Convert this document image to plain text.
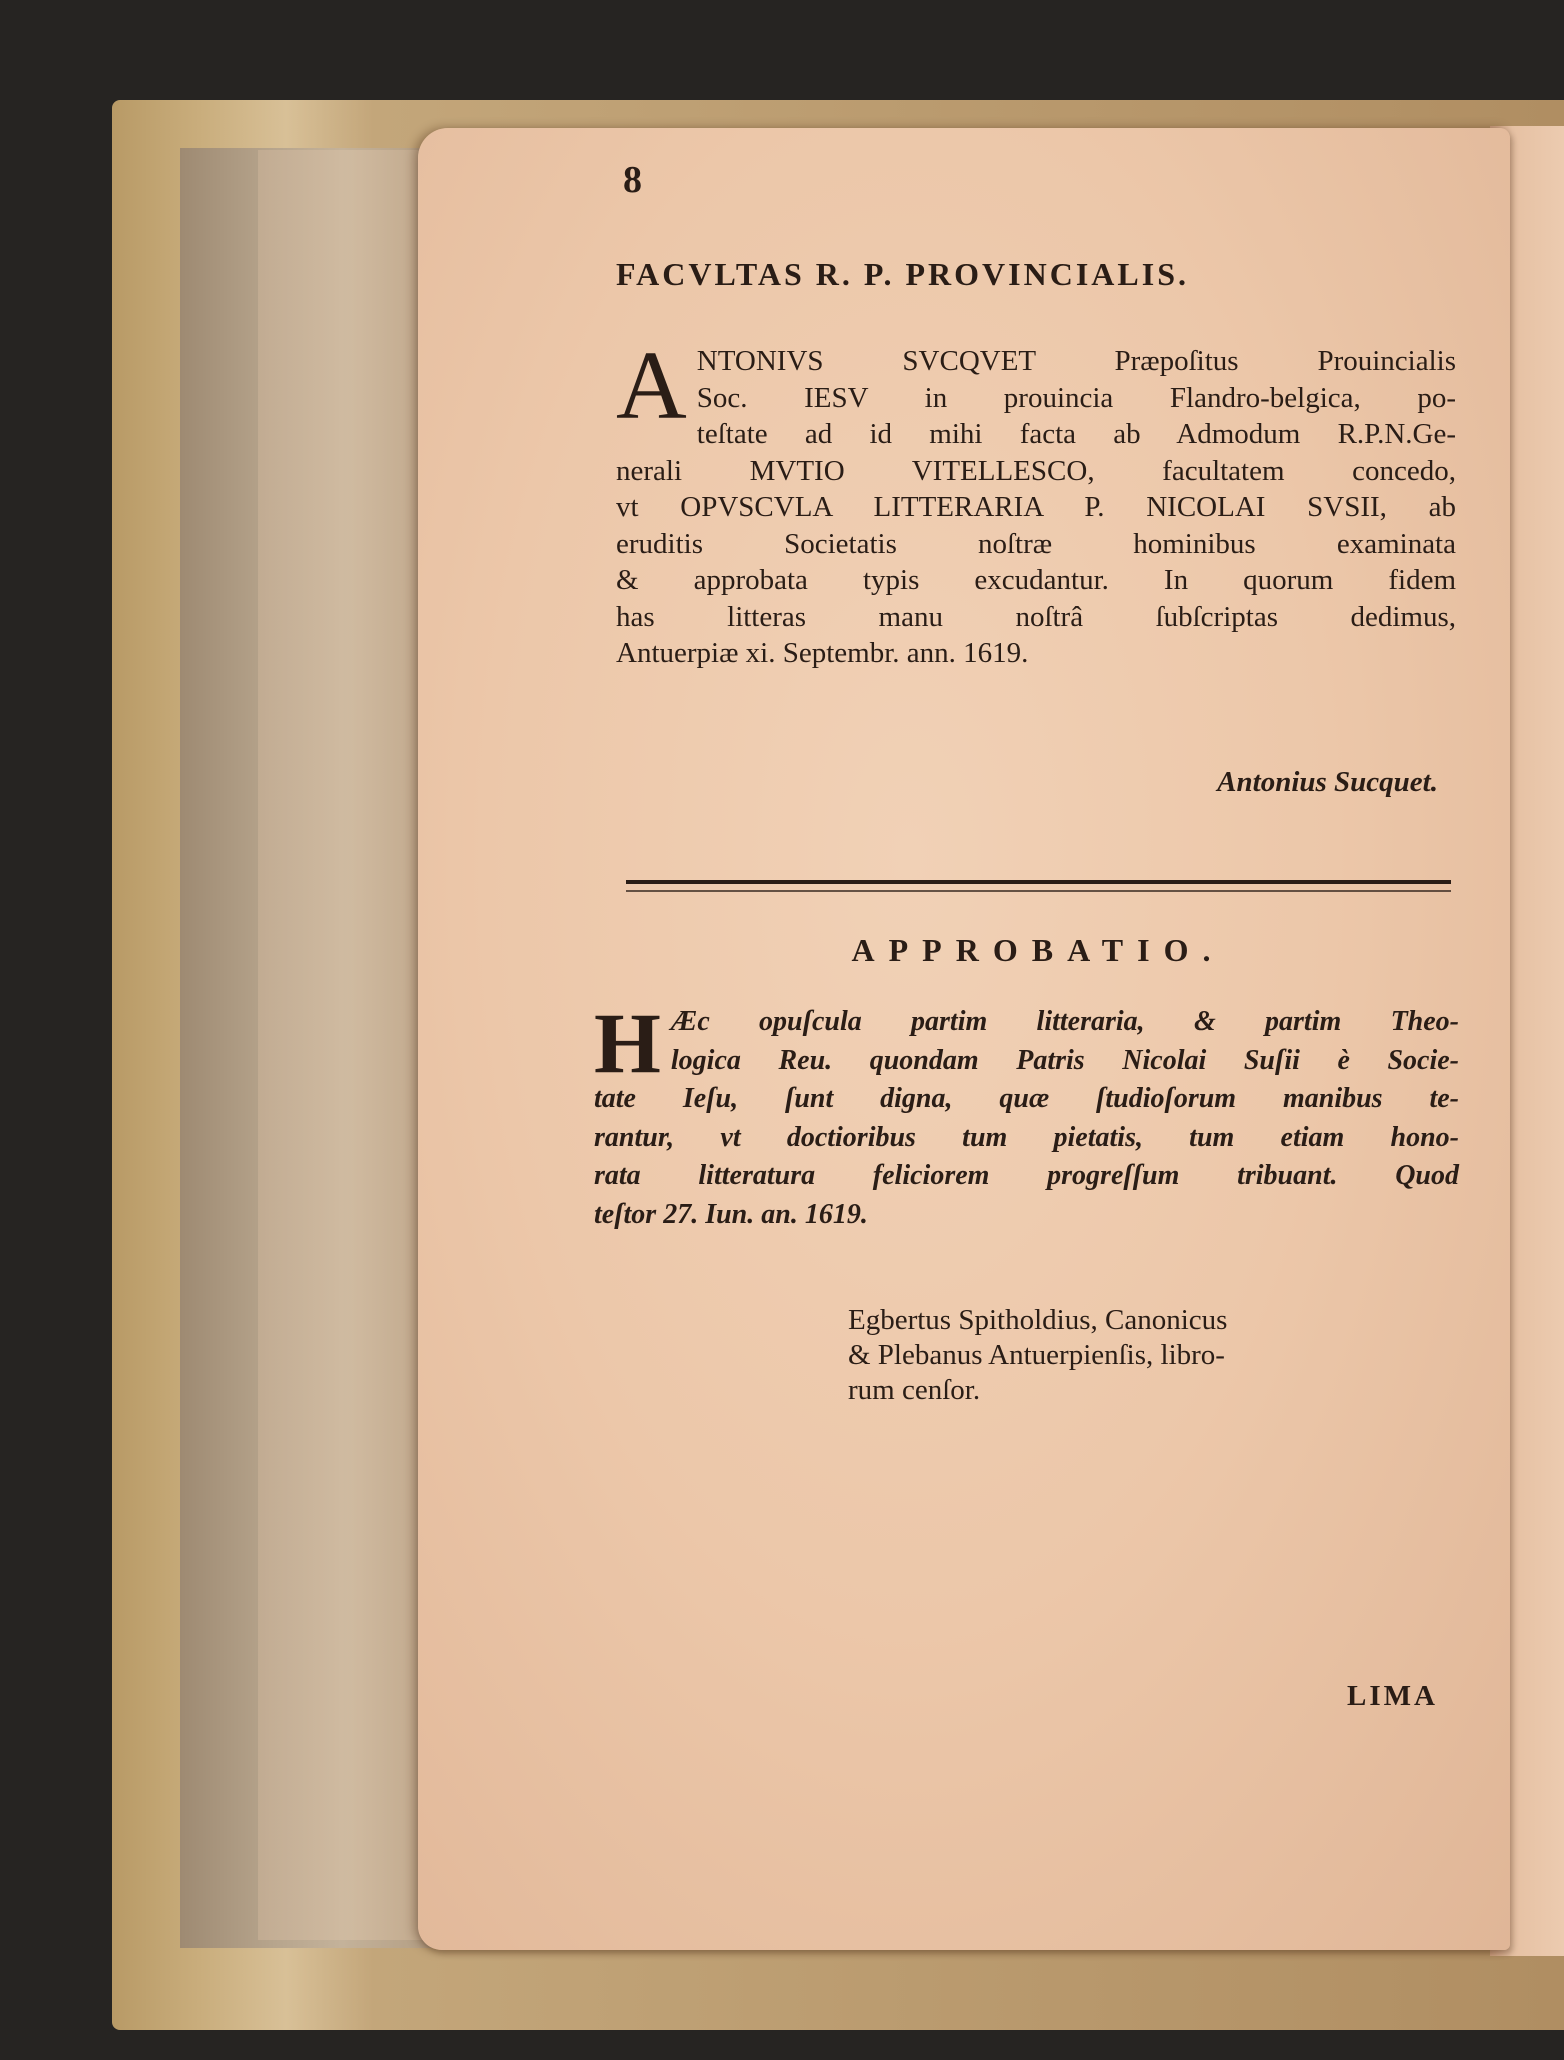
8
FACVLTAS R. P. PROVINCIALIS.
A NTONIVS SVCQVET Præpoſitus Prouincialis
Soc. IESV in prouincia Flandro-belgica, po-
teſtate ad id mihi facta ab Admodum R.P.N.Ge-
nerali MVTIO VITELLESCO, facultatem concedo,
vt OPVSCVLA LITTERARIA P. NICOLAI SVSII, ab
eruditis Societatis noſtræ hominibus examinata
& approbata typis excudantur. In quorum fidem
has litteras manu noſtrâ ſubſcriptas dedimus,
Antuerpiæ xi. Septembr. ann. 1619.
Antonius Sucquet.
APPROBATIO.
H Æc opuſcula partim litteraria, & partim Theo-
logica Reu. quondam Patris Nicolai Suſii è Socie-
tate Ieſu, ſunt digna, quæ ſtudioſorum manibus te-
rantur, vt doctioribus tum pietatis, tum etiam hono-
rata litteratura feliciorem progreſſum tribuant. Quod
teſtor 27. Iun. an. 1619.
Egbertus Spitholdius, Canonicus
& Plebanus Antuerpienſis, libro-
rum cenſor.
LIMA
